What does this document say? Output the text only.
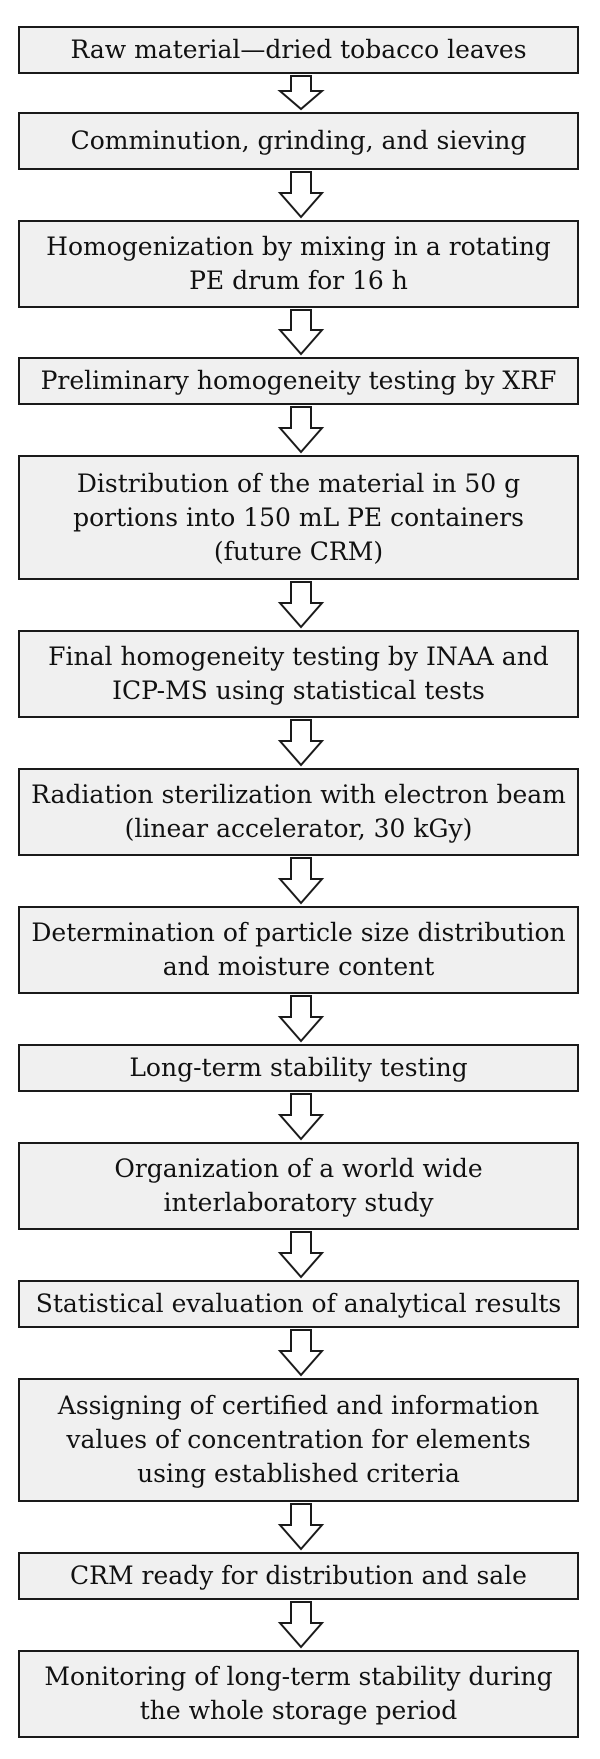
Raw material—dried tobacco leaves
Comminution, grinding, and sieving
Homogenization by mixing in a rotating
PE drum for 16 h
Preliminary homogeneity testing by XRF
Distribution of the material in 50 g
portions into 150 mL PE containers
(future CRM)
Final homogeneity testing by INAA and
ICP-MS using statistical tests
Radiation sterilization with electron beam
(linear accelerator, 30 kGy)
Determination of particle size distribution
and moisture content
Long-term stability testing
Organization of a world wide
interlaboratory study
Statistical evaluation of analytical results
Assigning of certified and information
values of concentration for elements
using established criteria
CRM ready for distribution and sale
Monitoring of long-term stability during
the whole storage period
